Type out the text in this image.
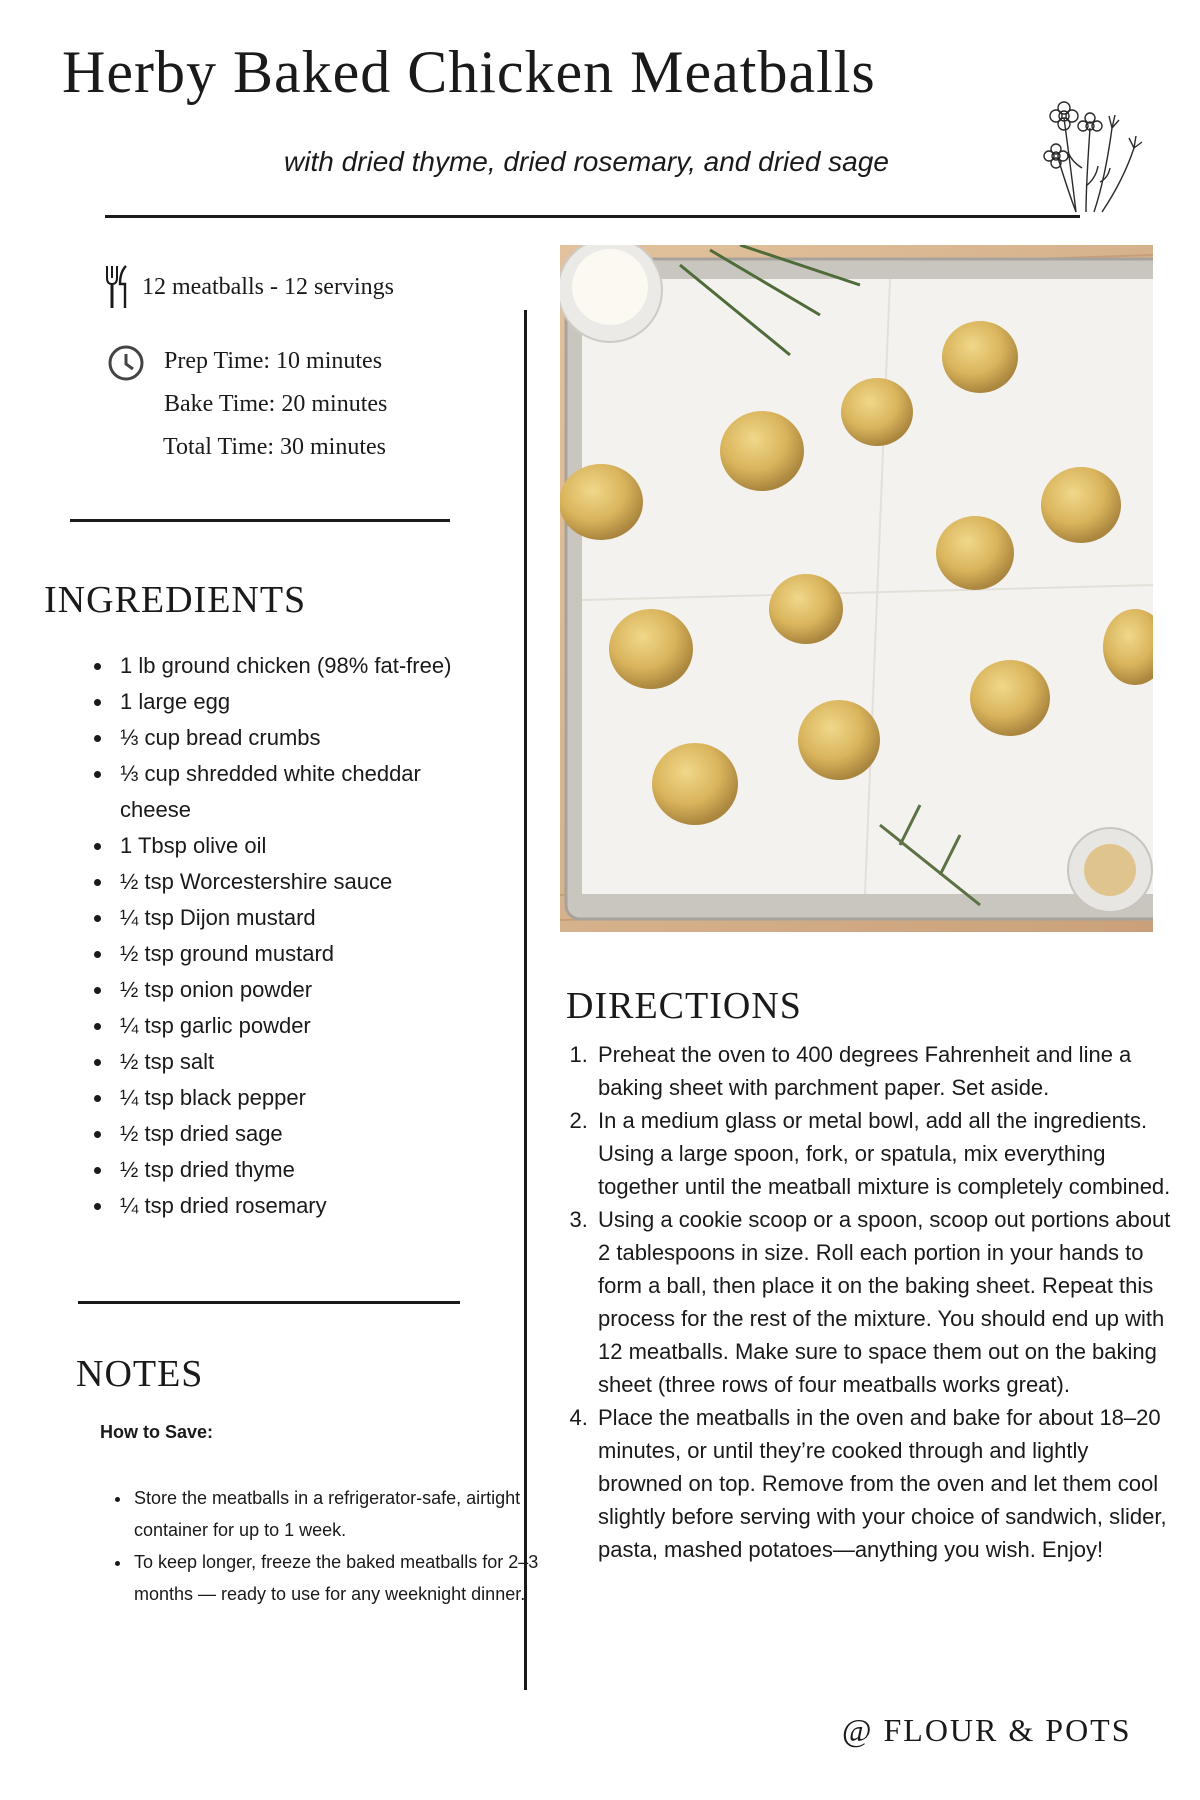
Herby Baked Chicken Meatballs
with dried thyme, dried rosemary, and dried sage
12 meatballs - 12 servings
Prep Time: 10 minutes
Bake Time: 20 minutes
Total Time: 30 minutes
INGREDIENTS
• 1 lb ground chicken (98% fat-free)
• 1 large egg
• ⅓ cup bread crumbs
• ⅓ cup shredded white cheddar cheese
• 1 Tbsp olive oil
• ½ tsp Worcestershire sauce
• ¼ tsp Dijon mustard
• ½ tsp ground mustard
• ½ tsp onion powder
• ¼ tsp garlic powder
• ½ tsp salt
• ¼ tsp black pepper
• ½ tsp dried sage
• ½ tsp dried thyme
• ¼ tsp dried rosemary
NOTES
How to Save:
• Store the meatballs in a refrigerator-safe, airtight container for up to 1 week.
• To keep longer, freeze the baked meatballs for 2–3 months — ready to use for any weeknight dinner.
DIRECTIONS
1. Preheat the oven to 400 degrees Fahrenheit and line a baking sheet with parchment paper. Set aside.
2. In a medium glass or metal bowl, add all the ingredients. Using a large spoon, fork, or spatula, mix everything together until the meatball mixture is completely combined.
3. Using a cookie scoop or a spoon, scoop out portions about 2 tablespoons in size. Roll each portion in your hands to form a ball, then place it on the baking sheet. Repeat this process for the rest of the mixture. You should end up with 12 meatballs. Make sure to space them out on the baking sheet (three rows of four meatballs works great).
4. Place the meatballs in the oven and bake for about 18–20 minutes, or until they’re cooked through and lightly browned on top. Remove from the oven and let them cool slightly before serving with your choice of sandwich, slider, pasta, mashed potatoes—anything you wish. Enjoy!
@ FLOUR & POTS
